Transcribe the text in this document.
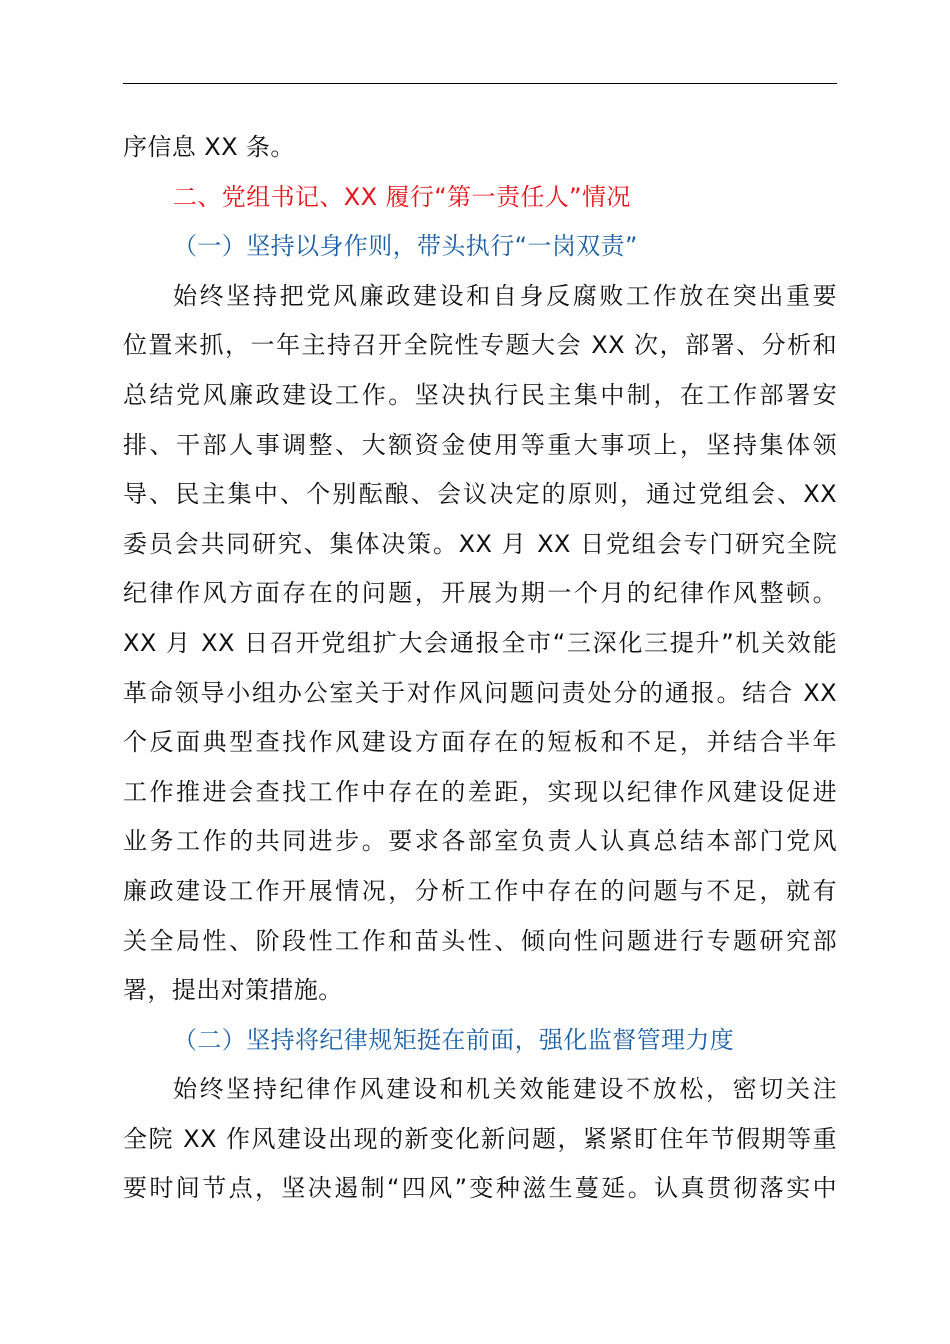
序信息 XX 条。
二、党组书记、XX 履行“第一责任人”情况
（一）坚持以身作则，带头执行“一岗双责”
始终坚持把党风廉政建设和自身反腐败工作放在突出重要
位置来抓，一年主持召开全院性专题大会 XX 次，部署、分析和
总结党风廉政建设工作。坚决执行民主集中制，在工作部署安
排、干部人事调整、大额资金使用等重大事项上，坚持集体领
导、民主集中、个别酝酿、会议决定的原则，通过党组会、XX
委员会共同研究、集体决策。XX 月 XX 日党组会专门研究全院
纪律作风方面存在的问题，开展为期一个月的纪律作风整顿。
XX 月 XX 日召开党组扩大会通报全市“三深化三提升”机关效能
革命领导小组办公室关于对作风问题问责处分的通报。结合 XX
个反面典型查找作风建设方面存在的短板和不足，并结合半年
工作推进会查找工作中存在的差距，实现以纪律作风建设促进
业务工作的共同进步。要求各部室负责人认真总结本部门党风
廉政建设工作开展情况，分析工作中存在的问题与不足，就有
关全局性、阶段性工作和苗头性、倾向性问题进行专题研究部
署，提出对策措施。
（二）坚持将纪律规矩挺在前面，强化监督管理力度
始终坚持纪律作风建设和机关效能建设不放松，密切关注
全院 XX 作风建设出现的新变化新问题，紧紧盯住年节假期等重
要时间节点，坚决遏制“四风”变种滋生蔓延。认真贯彻落实中
